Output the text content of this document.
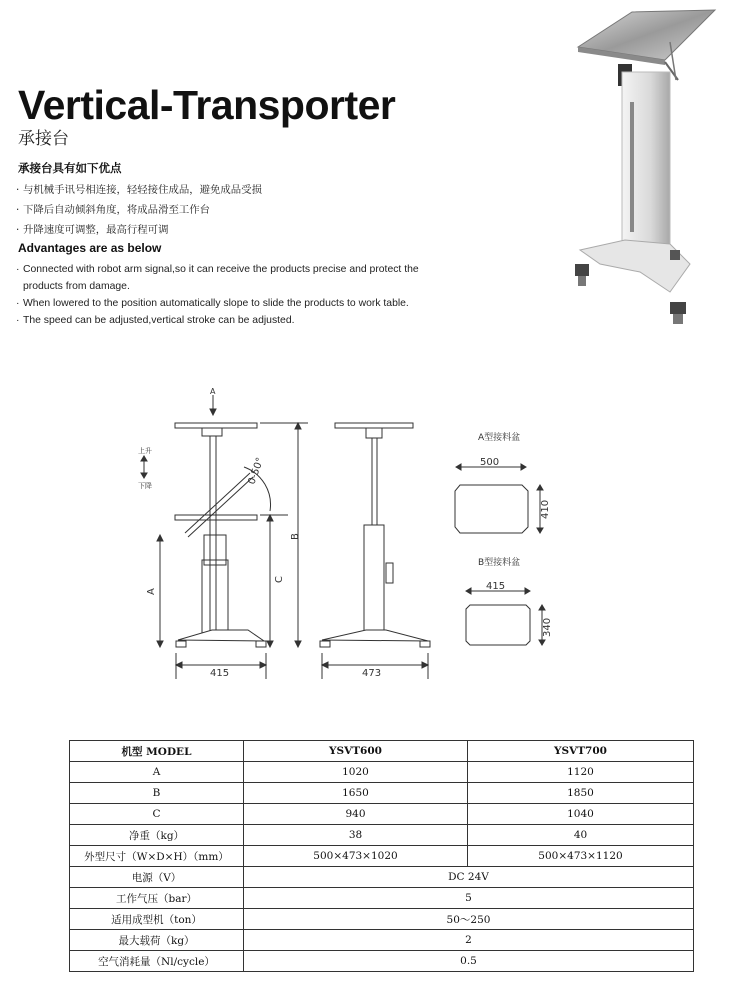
Vertical-Transporter
承接台
承接台具有如下优点
· 与机械手讯号相连接，轻轻接住成品，避免成品受损
· 下降后自动倾斜角度，将成品滑至工作台
· 升降速度可调整，最高行程可调
Advantages are as below
· Connected with robot arm signal,so it can receive the products precise and protect the products from damage.
· When lowered to the position automatically slope to slide the products to work table.
· The speed can be adjusted,vertical stroke can be adjusted.
A
上升
下降	0-50°
A
C
B
415	473
A型接料盆
500
410
B型接料盆
415
340
机型 MODEL	YSVT600	YSVT700
A	1020	1120
B	1650	1850
C	940	1040
净重（kg）	38	40
外型尺寸（W×D×H）（mm）	500×473×1020	500×473×1120
电源（V）	DC 24V	
工作气压（bar）	5	
适用成型机（ton）	50～250	
最大载荷（kg）	2	
空气消耗量（Nl/cycle）	0.5	
